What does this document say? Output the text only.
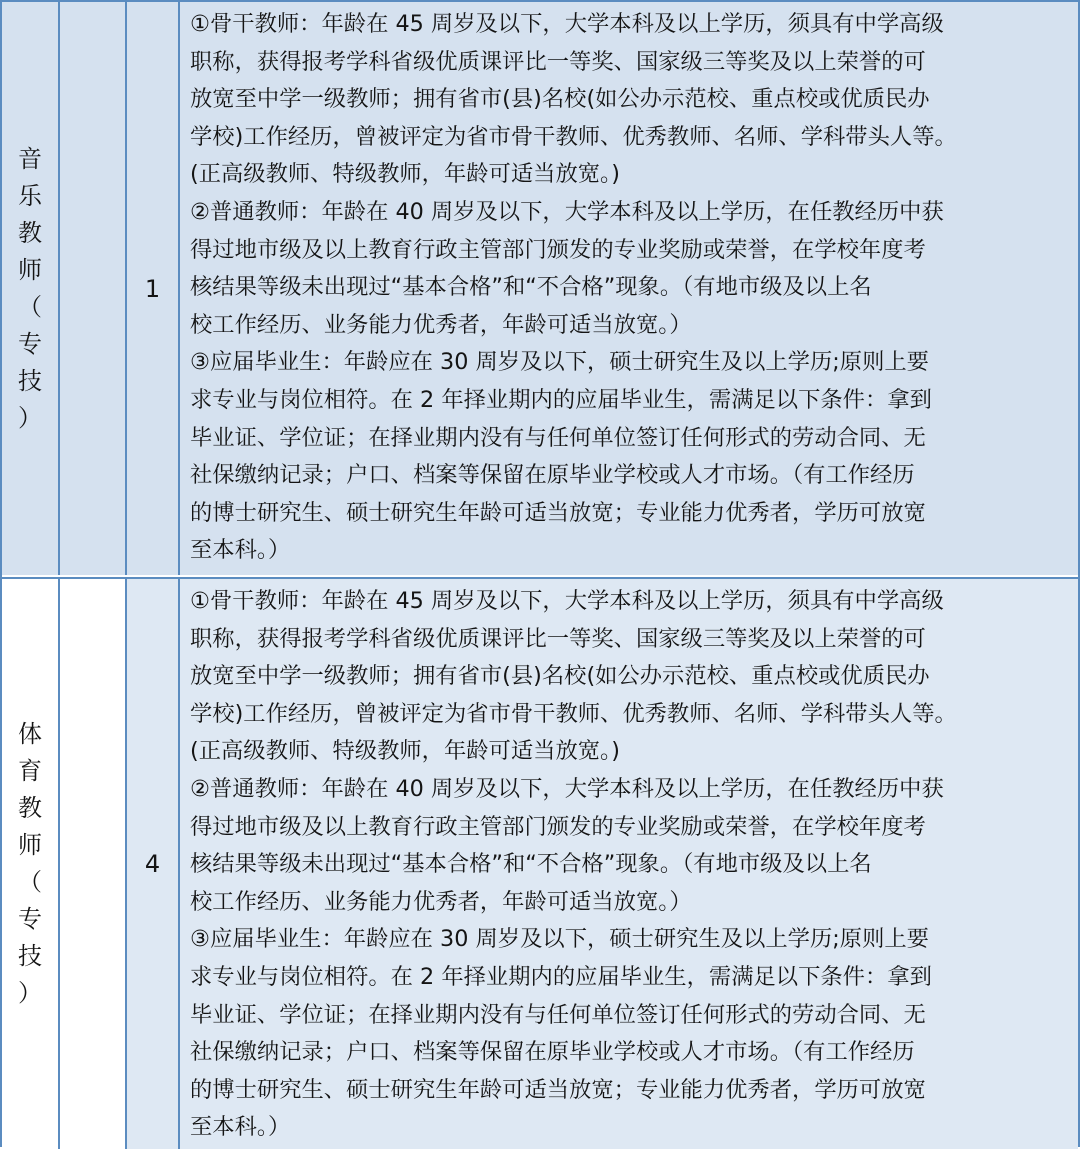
音
乐
教
师
（
专
技
）
1
①骨干教师：年龄在 45 周岁及以下，大学本科及以上学历，须具有中学高级
职称，获得报考学科省级优质课评比一等奖、国家级三等奖及以上荣誉的可
放宽至中学一级教师；拥有省市(县)名校(如公办示范校、重点校或优质民办
学校)工作经历，曾被评定为省市骨干教师、优秀教师、名师、学科带头人等。
(正高级教师、特级教师，年龄可适当放宽。)
②普通教师：年龄在 40 周岁及以下，大学本科及以上学历，在任教经历中获
得过地市级及以上教育行政主管部门颁发的专业奖励或荣誉，在学校年度考
核结果等级未出现过“基本合格”和“不合格”现象。（有地市级及以上名
校工作经历、业务能力优秀者，年龄可适当放宽。）
③应届毕业生：年龄应在 30 周岁及以下，硕士研究生及以上学历;原则上要
求专业与岗位相符。在 2 年择业期内的应届毕业生，需满足以下条件：拿到
毕业证、学位证；在择业期内没有与任何单位签订任何形式的劳动合同、无
社保缴纳记录；户口、档案等保留在原毕业学校或人才市场。（有工作经历
的博士研究生、硕士研究生年龄可适当放宽；专业能力优秀者，学历可放宽
至本科。）
体
育
教
师
（
专
技
）
4
①骨干教师：年龄在 45 周岁及以下，大学本科及以上学历，须具有中学高级
职称，获得报考学科省级优质课评比一等奖、国家级三等奖及以上荣誉的可
放宽至中学一级教师；拥有省市(县)名校(如公办示范校、重点校或优质民办
学校)工作经历，曾被评定为省市骨干教师、优秀教师、名师、学科带头人等。
(正高级教师、特级教师，年龄可适当放宽。)
②普通教师：年龄在 40 周岁及以下，大学本科及以上学历，在任教经历中获
得过地市级及以上教育行政主管部门颁发的专业奖励或荣誉，在学校年度考
核结果等级未出现过“基本合格”和“不合格”现象。（有地市级及以上名
校工作经历、业务能力优秀者，年龄可适当放宽。）
③应届毕业生：年龄应在 30 周岁及以下，硕士研究生及以上学历;原则上要
求专业与岗位相符。在 2 年择业期内的应届毕业生，需满足以下条件：拿到
毕业证、学位证；在择业期内没有与任何单位签订任何形式的劳动合同、无
社保缴纳记录；户口、档案等保留在原毕业学校或人才市场。（有工作经历
的博士研究生、硕士研究生年龄可适当放宽；专业能力优秀者，学历可放宽
至本科。）
